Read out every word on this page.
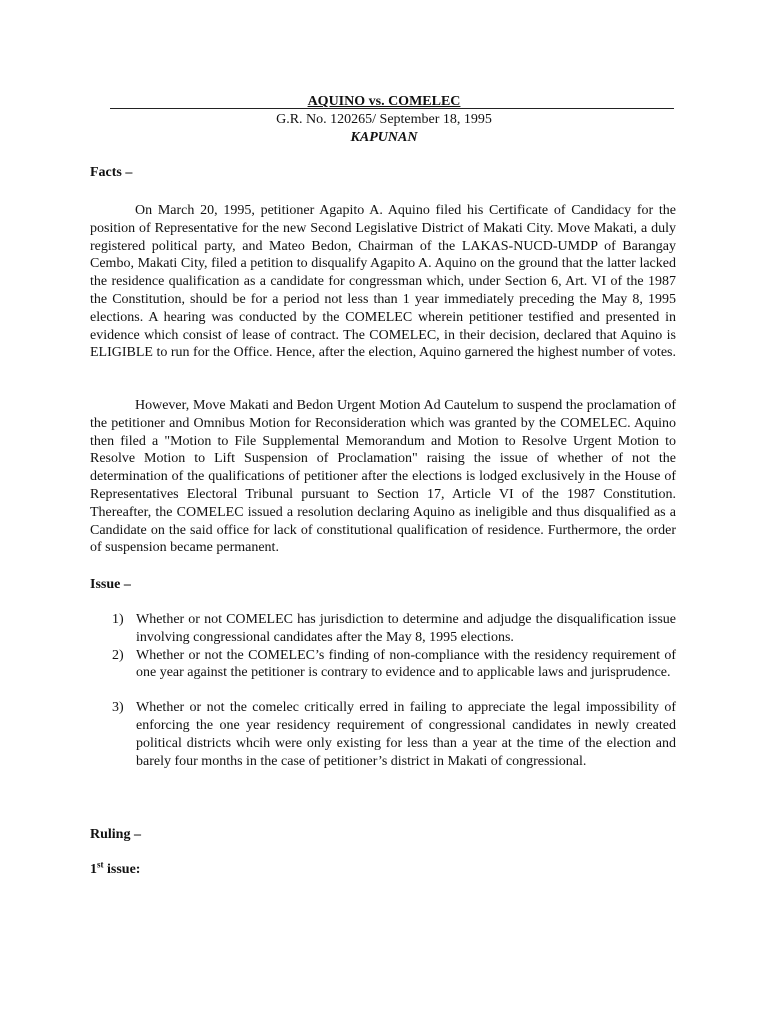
AQUINO vs. COMELEC
G.R. No. 120265/ September 18, 1995
KAPUNAN

Facts –

On March 20, 1995, petitioner Agapito A. Aquino filed his Certificate of Candidacy for the position of Representative for the new Second Legislative District of Makati City. Move Makati, a duly registered political party, and Mateo Bedon, Chairman of the LAKAS-NUCD-UMDP of Barangay Cembo, Makati City, filed a petition to disqualify Agapito A. Aquino on the ground that the latter lacked the residence qualification as a candidate for congressman which, under Section 6, Art. VI of the 1987 the Constitution, should be for a period not less than 1 year immediately preceding the May 8, 1995 elections. A hearing was conducted by the COMELEC wherein petitioner testified and presented in evidence which consist of lease of contract. The COMELEC, in their decision, declared that Aquino is ELIGIBLE to run for the Office. Hence, after the election, Aquino garnered the highest number of votes.

However, Move Makati and Bedon Urgent Motion Ad Cautelum to suspend the proclamation of the petitioner and Omnibus Motion for Reconsideration which was granted by the COMELEC. Aquino then filed a "Motion to File Supplemental Memorandum and Motion to Resolve Urgent Motion to Resolve Motion to Lift Suspension of Proclamation" raising the issue of whether of not the determination of the qualifications of petitioner after the elections is lodged exclusively in the House of Representatives Electoral Tribunal pursuant to Section 17, Article VI of the 1987 Constitution. Thereafter, the COMELEC issued a resolution declaring Aquino as ineligible and thus disqualified as a Candidate on the said office for lack of constitutional qualification of residence. Furthermore, the order of suspension became permanent.

Issue –

1) Whether or not COMELEC has jurisdiction to determine and adjudge the disqualification issue involving congressional candidates after the May 8, 1995 elections.
2) Whether or not the COMELEC’s finding of non-compliance with the residency requirement of one year against the petitioner is contrary to evidence and to applicable laws and jurisprudence.
3) Whether or not the comelec critically erred in failing to appreciate the legal impossibility of enforcing the one year residency requirement of congressional candidates in newly created political districts whcih were only existing for less than a year at the time of the election and barely four months in the case of petitioner’s district in Makati of congressional.

Ruling –

1st issue:
